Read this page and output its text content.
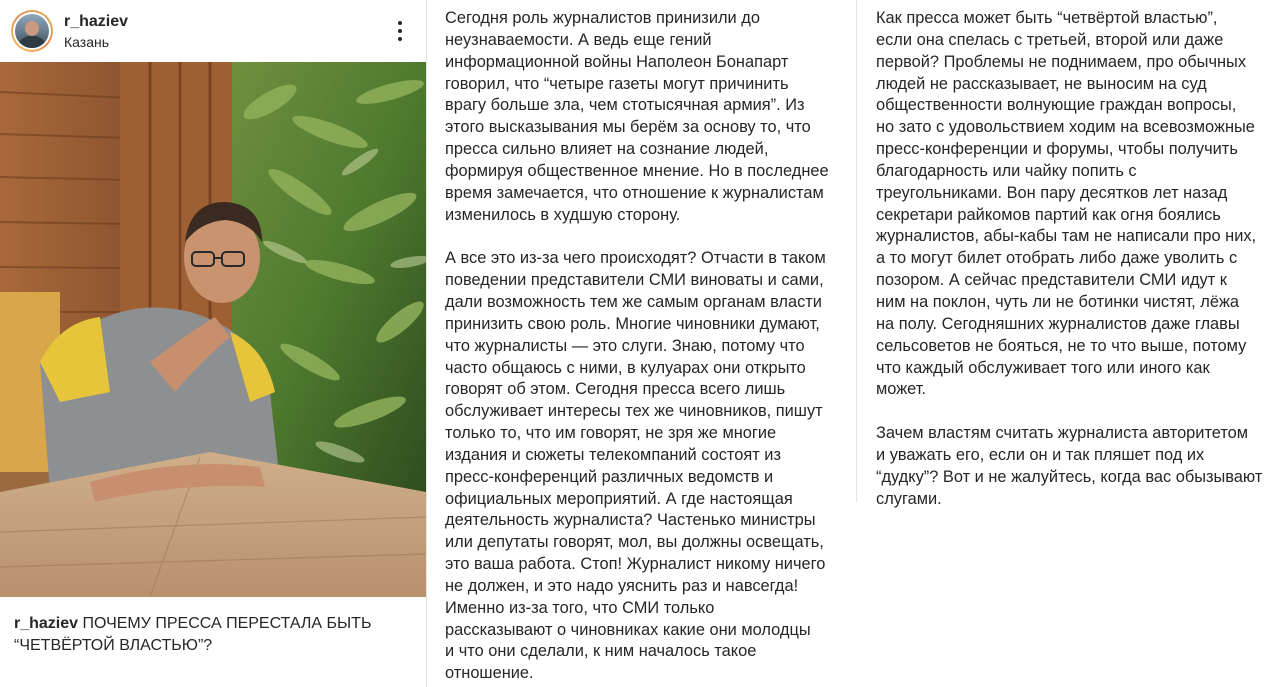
r_haziev
Казань
r_haziev ПОЧЕМУ ПРЕССА ПЕРЕСТАЛА БЫТЬ
“ЧЕТВЁРТОЙ ВЛАСТЬЮ”?
Сегодня роль журналистов принизили до
неузнаваемости. А ведь еще гений
информационной войны Наполеон Бонапарт
говорил, что “четыре газеты могут причинить
врагу больше зла, чем стотысячная армия”. Из
этого высказывания мы берём за основу то, что
пресса сильно влияет на сознание людей,
формируя общественное мнение. Но в последнее
время замечается, что отношение к журналистам
изменилось в худшую сторону.

А все это из-за чего происходят? Отчасти в таком
поведении представители СМИ виноваты и сами,
дали возможность тем же самым органам власти
принизить свою роль. Многие чиновники думают,
что журналисты — это слуги. Знаю, потому что
часто общаюсь с ними, в кулуарах они открыто
говорят об этом. Сегодня пресса всего лишь
обслуживает интересы тех же чиновников, пишут
только то, что им говорят, не зря же многие
издания и сюжеты телекомпаний состоят из
пресс-конференций различных ведомств и
официальных мероприятий. А где настоящая
деятельность журналиста? Частенько министры
или депутаты говорят, мол, вы должны освещать,
это ваша работа. Стоп! Журналист никому ничего
не должен, и это надо уяснить раз и навсегда!
Именно из-за того, что СМИ только
рассказывают о чиновниках какие они молодцы
и что они сделали, к ним началось такое
отношение.
Как пресса может быть “четвёртой властью”,
если она спелась с третьей, второй или даже
первой? Проблемы не поднимаем, про обычных
людей не рассказывает, не выносим на суд
общественности волнующие граждан вопросы,
но зато с удовольствием ходим на всевозможные
пресс-конференции и форумы, чтобы получить
благодарность или чайку попить с
треугольниками. Вон пару десятков лет назад
секретари райкомов партий как огня боялись
журналистов, абы-кабы там не написали про них,
а то могут билет отобрать либо даже уволить с
позором. А сейчас представители СМИ идут к
ним на поклон, чуть ли не ботинки чистят, лёжа
на полу. Сегодняшних журналистов даже главы
сельсоветов не бояться, не то что выше, потому
что каждый обслуживает того или иного как
может.

Зачем властям считать журналиста авторитетом
и уважать его, если он и так пляшет под их
“дудку”? Вот и не жалуйтесь, когда вас обызывают
слугами.
